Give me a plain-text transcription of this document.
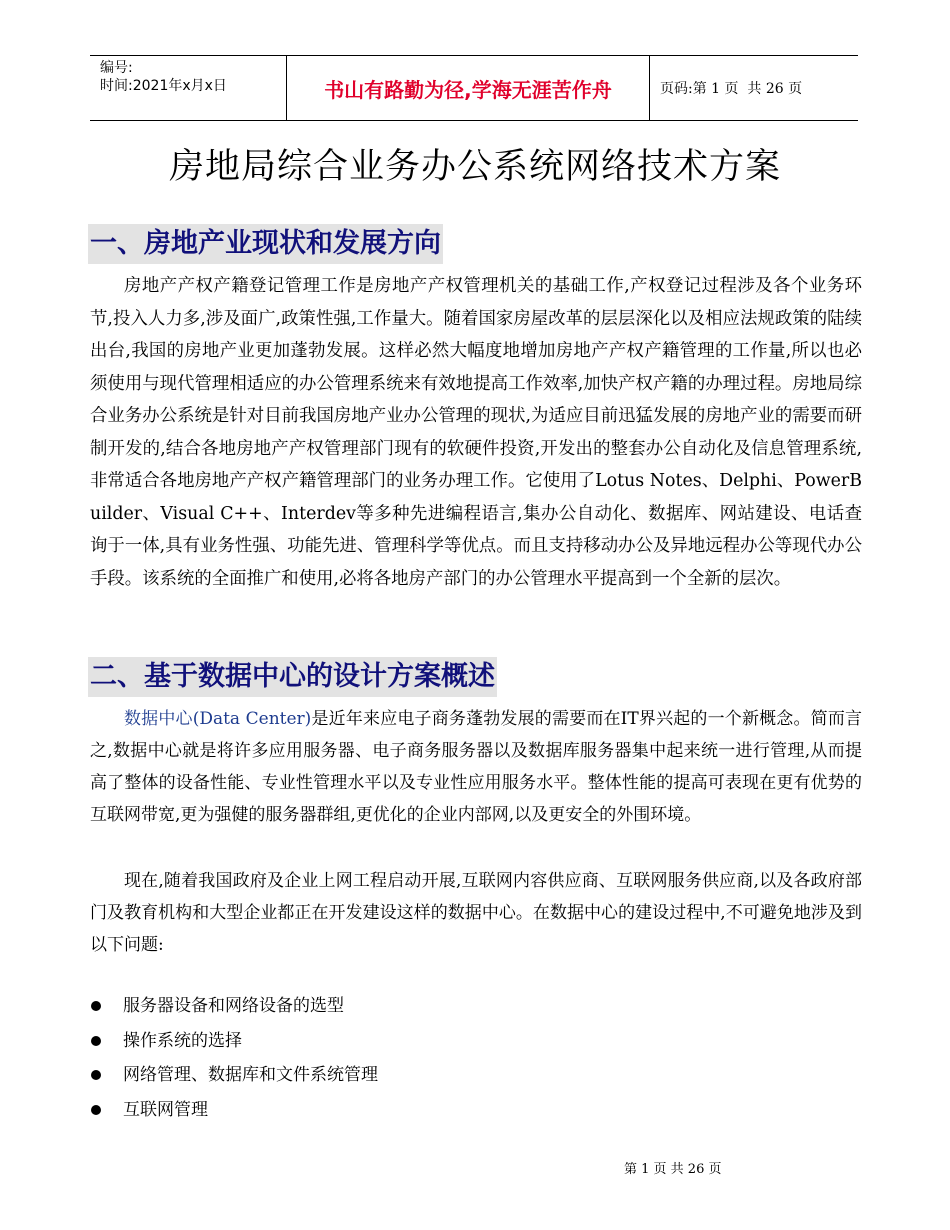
编号:
时间:2021年x月x日	书山有路勤为径,学海无涯苦作舟	页码:第 1 页  共 26 页
房地局综合业务办公系统网络技术方案
一、房地产业现状和发展方向

房地产产权产籍登记管理工作是房地产产权管理机关的基础工作,产权登记过程涉及各个业务环节,投入人力多,涉及面广,政策性强,工作量大。随着国家房屋改革的层层深化以及相应法规政策的陆续出台,我国的房地产业更加蓬勃发展。这样必然大幅度地增加房地产产权产籍管理的工作量,所以也必须使用与现代管理相适应的办公管理系统来有效地提高工作效率,加快产权产籍的办理过程。房地局综合业务办公系统是针对目前我国房地产业办公管理的现状,为适应目前迅猛发展的房地产业的需要而研制开发的,结合各地房地产产权管理部门现有的软硬件投资,开发出的整套办公自动化及信息管理系统,非常适合各地房地产产权产籍管理部门的业务办理工作。它使用了Lotus Notes、Delphi、PowerBuilder、Visual C++、Interdev等多种先进编程语言,集办公自动化、数据库、网站建设、电话查询于一体,具有业务性强、功能先进、管理科学等优点。而且支持移动办公及异地远程办公等现代办公手段。该系统的全面推广和使用,必将各地房产部门的办公管理水平提高到一个全新的层次。

二、基于数据中心的设计方案概述

数据中心(Data Center)是近年来应电子商务蓬勃发展的需要而在IT界兴起的一个新概念。简而言之,数据中心就是将许多应用服务器、电子商务服务器以及数据库服务器集中起来统一进行管理,从而提高了整体的设备性能、专业性管理水平以及专业性应用服务水平。整体性能的提高可表现在更有优势的互联网带宽,更为强健的服务器群组,更优化的企业内部网,以及更安全的外围环境。

现在,随着我国政府及企业上网工程启动开展,互联网内容供应商、互联网服务供应商,以及各政府部门及教育机构和大型企业都正在开发建设这样的数据中心。在数据中心的建设过程中,不可避免地涉及到以下问题:

服务器设备和网络设备的选型
操作系统的选择
网络管理、数据库和文件系统管理
互联网管理
第 1 页 共 26 页
